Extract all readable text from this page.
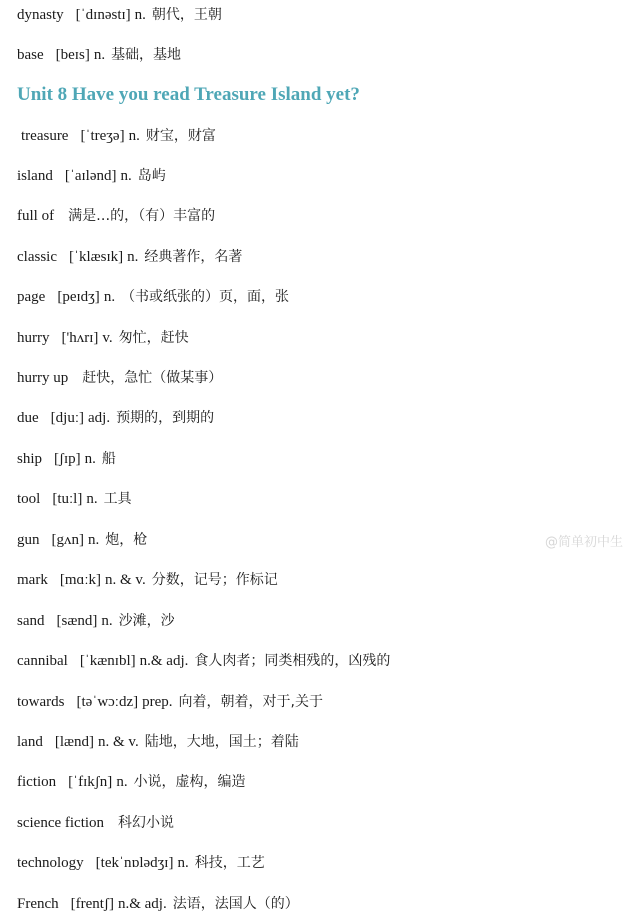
dynasty [ˈdɪnəstɪ] n. 朝代，王朝
base [beɪs] n. 基础，基地
Unit 8 Have you read Treasure Island yet?
treasure [ˈtreʒə] n. 财宝，财富
island [ˈaɪlənd] n. 岛屿
full of 满是…的，（有）丰富的
classic [ˈklæsɪk] n. 经典著作，名著
page [peɪdʒ] n. （书或纸张的）页，面，张
hurry ['hʌrɪ] v. 匆忙，赶快
hurry up 赶快，急忙（做某事）
due [djuː] adj. 预期的，到期的
ship [ʃɪp] n. 船
tool [tuːl] n. 工具
gun [gʌn] n. 炮，枪	@简单初中生
mark [mɑːk] n. & v. 分数，记号；作标记
sand [sænd] n. 沙滩，沙
cannibal [ˈkænɪbl] n.& adj. 食人肉者；同类相残的，凶残的
towards [təˈwɔːdz] prep. 向着，朝着，对于,关于
land [lænd] n. & v. 陆地，大地，国土；着陆
fiction [ˈfɪkʃn] n. 小说，虚构，编造
science fiction 科幻小说
technology [tekˈnɒlədʒɪ] n. 科技，工艺
French [frentʃ] n.& adj. 法语，法国人（的）
